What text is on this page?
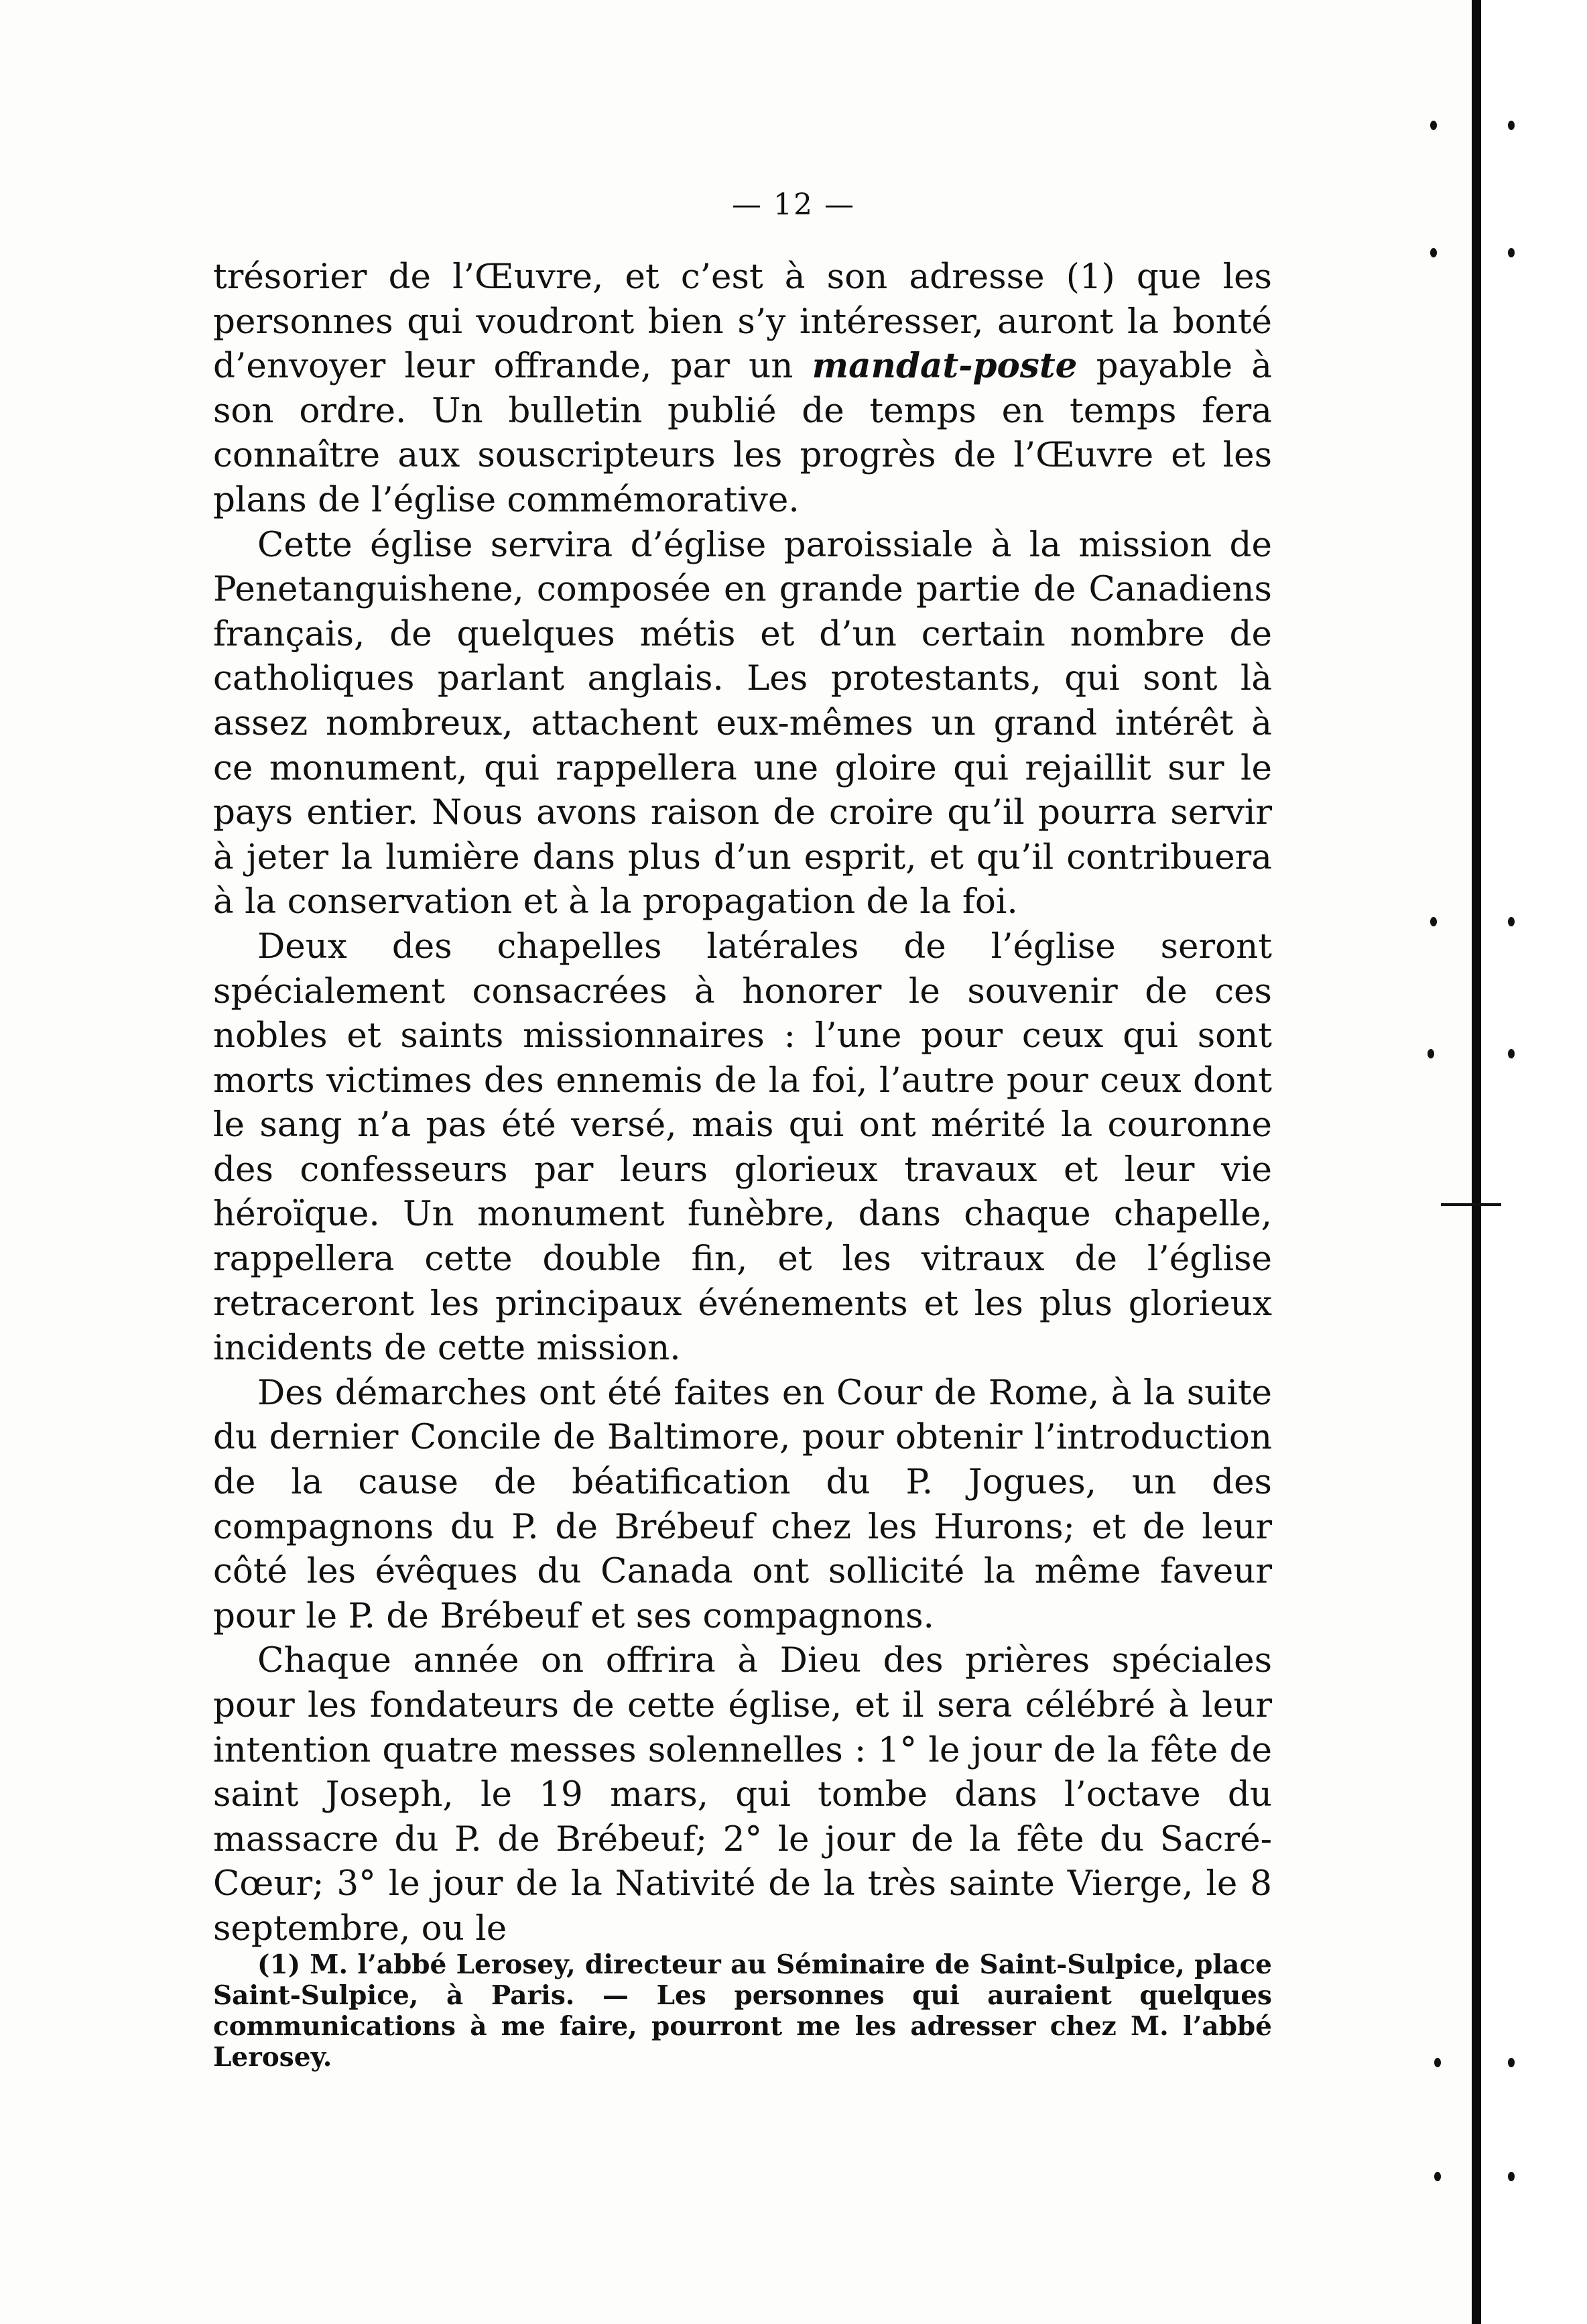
— 12 —

trésorier de l’Œuvre, et c’est à son adresse (1) que les personnes qui voudront bien s’y intéresser, auront la bonté d’envoyer leur offrande, par un mandat-poste payable à son ordre. Un bulletin publié de temps en temps fera connaître aux souscripteurs les progrès de l’Œuvre et les plans de l’église commémorative.

Cette église servira d’église paroissiale à la mission de Penetanguishene, composée en grande partie de Canadiens français, de quelques métis et d’un certain nombre de catholiques parlant anglais. Les protestants, qui sont là assez nombreux, attachent eux-mêmes un grand intérêt à ce monument, qui rappellera une gloire qui rejaillit sur le pays entier. Nous avons raison de croire qu’il pourra servir à jeter la lumière dans plus d’un esprit, et qu’il contribuera à la conservation et à la propagation de la foi.

Deux des chapelles latérales de l’église seront spécialement consacrées à honorer le souvenir de ces nobles et saints missionnaires : l’une pour ceux qui sont morts victimes des ennemis de la foi, l’autre pour ceux dont le sang n’a pas été versé, mais qui ont mérité la couronne des confesseurs par leurs glorieux travaux et leur vie héroïque. Un monument funèbre, dans chaque chapelle, rappellera cette double fin, et les vitraux de l’église retraceront les principaux événements et les plus glorieux incidents de cette mission.

Des démarches ont été faites en Cour de Rome, à la suite du dernier Concile de Baltimore, pour obtenir l’introduction de la cause de béatification du P. Jogues, un des compagnons du P. de Brébeuf chez les Hurons; et de leur côté les évêques du Canada ont sollicité la même faveur pour le P. de Brébeuf et ses compagnons.

Chaque année on offrira à Dieu des prières spéciales pour les fondateurs de cette église, et il sera célébré à leur intention quatre messes solennelles : 1° le jour de la fête de saint Joseph, le 19 mars, qui tombe dans l’octave du massacre du P. de Brébeuf; 2° le jour de la fête du Sacré-Cœur; 3° le jour de la Nativité de la très sainte Vierge, le 8 septembre, ou le

(1) M. l’abbé Lerosey, directeur au Séminaire de Saint-Sulpice, place Saint-Sulpice, à Paris. — Les personnes qui auraient quelques communications à me faire, pourront me les adresser chez M. l’abbé Lerosey.
